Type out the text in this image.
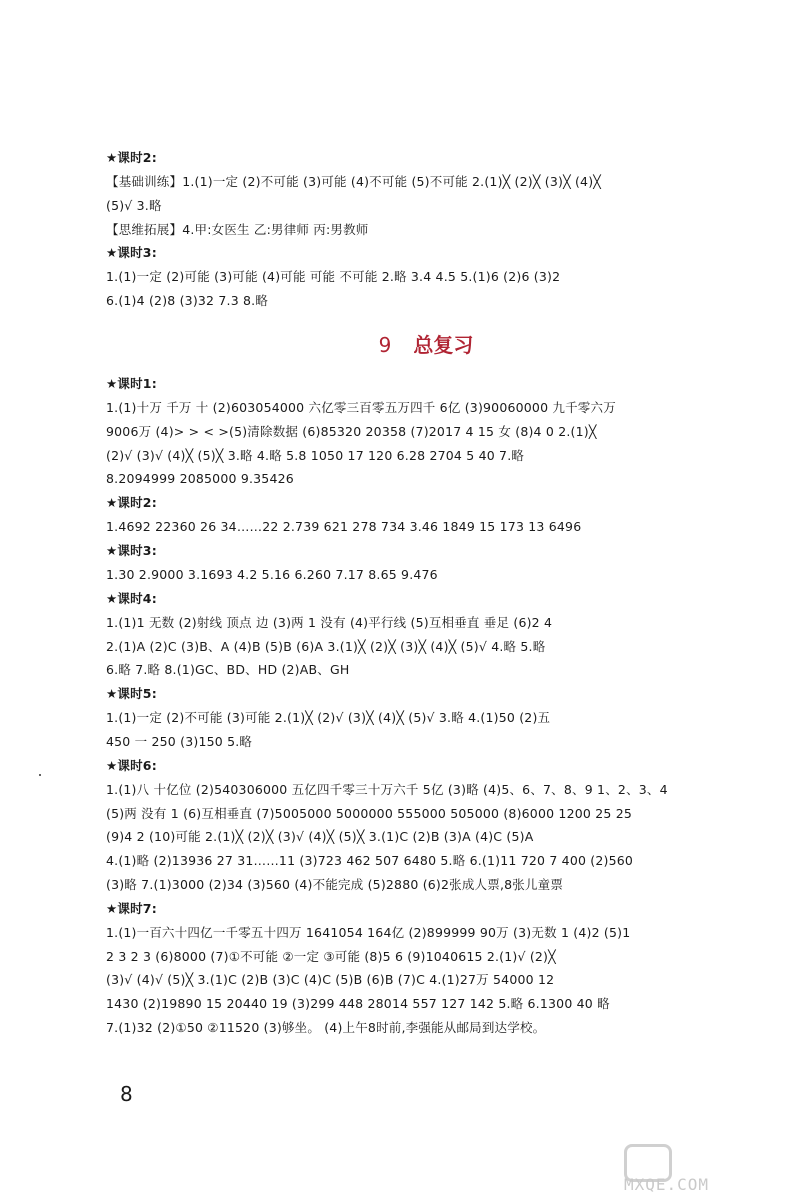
★课时2:
【基础训练】1.(1)一定 (2)不可能 (3)可能 (4)不可能 (5)不可能 2.(1)╳ (2)╳ (3)╳ (4)╳
(5)√ 3.略
【思维拓展】4.甲:女医生 乙:男律师 丙:男教师
★课时3:
1.(1)一定 (2)可能 (3)可能 (4)可能 可能 不可能 2.略 3.4 4.5 5.(1)6 (2)6 (3)2
6.(1)4 (2)8 (3)32 7.3 8.略
9 总复习
★课时1:
1.(1)十万 千万 十 (2)603054000 六亿零三百零五万四千 6亿 (3)90060000 九千零六万
9006万 (4)> > < >(5)清除数据 (6)85320 20358 (7)2017 4 15 女 (8)4 0 2.(1)╳
(2)√ (3)√ (4)╳ (5)╳ 3.略 4.略 5.8 1050 17 120 6.28 2704 5 40 7.略
8.2094999 2085000 9.35426
★课时2:
1.4692 22360 26 34……22 2.739 621 278 734 3.46 1849 15 173 13 6496
★课时3:
1.30 2.9000 3.1693 4.2 5.16 6.260 7.17 8.65 9.476
★课时4:
1.(1)1 无数 (2)射线 顶点 边 (3)两 1 没有 (4)平行线 (5)互相垂直 垂足 (6)2 4
2.(1)A (2)C (3)B、A (4)B (5)B (6)A 3.(1)╳ (2)╳ (3)╳ (4)╳ (5)√ 4.略 5.略
6.略 7.略 8.(1)GC、BD、HD (2)AB、GH
★课时5:
1.(1)一定 (2)不可能 (3)可能 2.(1)╳ (2)√ (3)╳ (4)╳ (5)√ 3.略 4.(1)50 (2)五
450 一 250 (3)150 5.略
★课时6:
1.(1)八 十亿位 (2)540306000 五亿四千零三十万六千 5亿 (3)略 (4)5、6、7、8、9 1、2、3、4
(5)两 没有 1 (6)互相垂直 (7)5005000 5000000 555000 505000 (8)6000 1200 25 25
(9)4 2 (10)可能 2.(1)╳ (2)╳ (3)√ (4)╳ (5)╳ 3.(1)C (2)B (3)A (4)C (5)A
4.(1)略 (2)13936 27 31……11 (3)723 462 507 6480 5.略 6.(1)11 720 7 400 (2)560
(3)略 7.(1)3000 (2)34 (3)560 (4)不能完成 (5)2880 (6)2张成人票,8张儿童票
★课时7:
1.(1)一百六十四亿一千零五十四万 1641054 164亿 (2)899999 90万 (3)无数 1 (4)2 (5)1
2 3 2 3 (6)8000 (7)①不可能 ②一定 ③可能 (8)5 6 (9)1040615 2.(1)√ (2)╳
(3)√ (4)√ (5)╳ 3.(1)C (2)B (3)C (4)C (5)B (6)B (7)C 4.(1)27万 54000 12
1430 (2)19890 15 20440 19 (3)299 448 28014 557 127 142 5.略 6.1300 40 略
7.(1)32 (2)①50 ②11520 (3)够坐。 (4)上午8时前,李强能从邮局到达学校。
8
MXQE.COM
